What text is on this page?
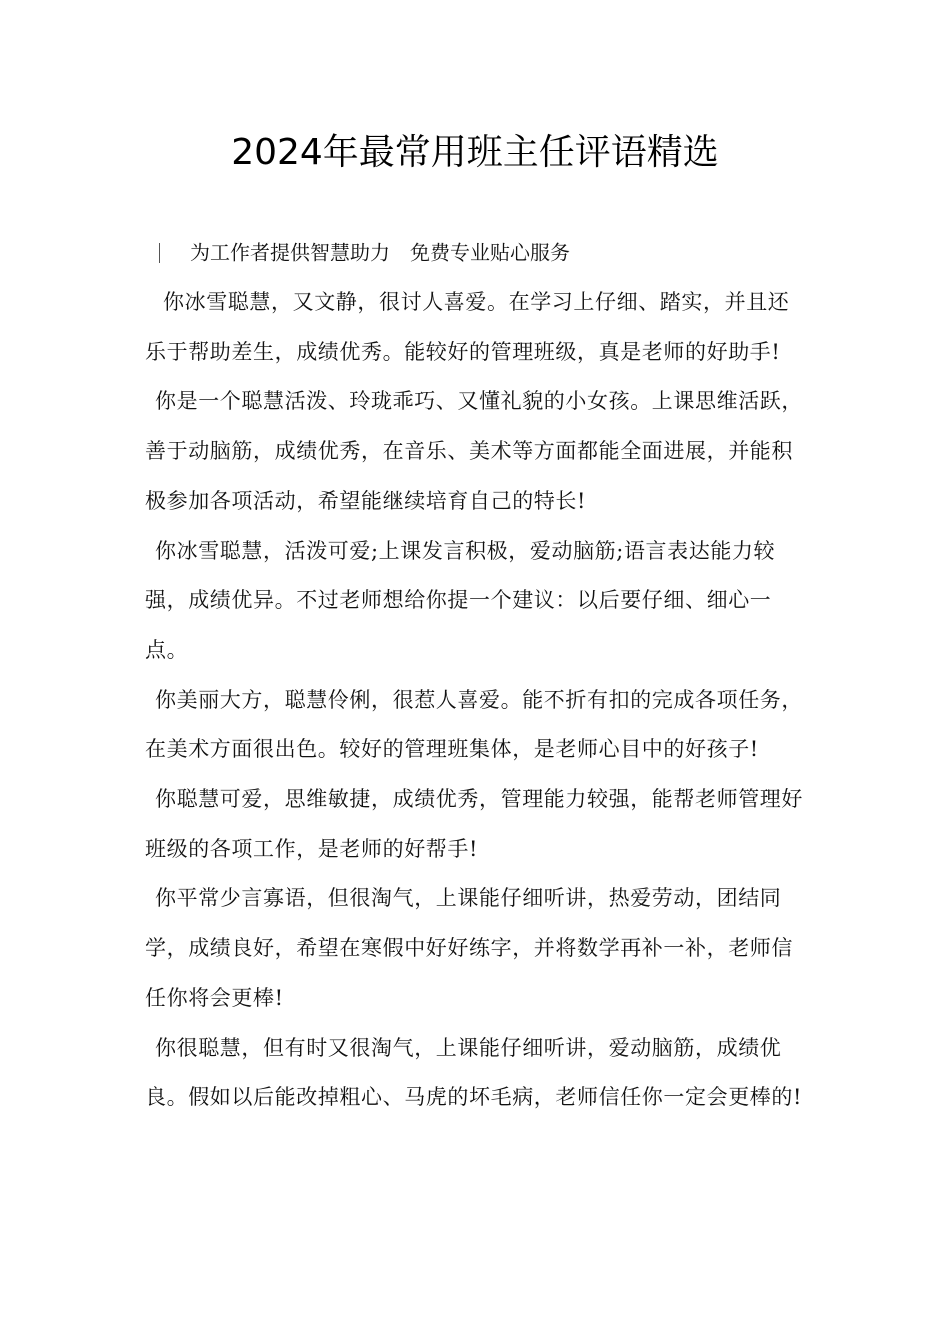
2024年最常用班主任评语精选
为工作者提供智慧助力　免费专业贴心服务

你冰雪聪慧，又文静，很讨人喜爱。在学习上仔细、踏实，并且还乐于帮助差生，成绩优秀。能较好的管理班级，真是老师的好助手!

你是一个聪慧活泼、玲珑乖巧、又懂礼貌的小女孩。上课思维活跃，善于动脑筋，成绩优秀，在音乐、美术等方面都能全面进展，并能积极参加各项活动，希望能继续培育自己的特长!

你冰雪聪慧，活泼可爱;上课发言积极，爱动脑筋;语言表达能力较强，成绩优异。不过老师想给你提一个建议：以后要仔细、细心一点。

你美丽大方，聪慧伶俐，很惹人喜爱。能不折有扣的完成各项任务，在美术方面很出色。较好的管理班集体，是老师心目中的好孩子!

你聪慧可爱，思维敏捷，成绩优秀，管理能力较强，能帮老师管理好班级的各项工作，是老师的好帮手!

你平常少言寡语，但很淘气，上课能仔细听讲，热爱劳动，团结同学，成绩良好，希望在寒假中好好练字，并将数学再补一补，老师信任你将会更棒!

你很聪慧，但有时又很淘气，上课能仔细听讲，爱动脑筋，成绩优良。假如以后能改掉粗心、马虎的坏毛病，老师信任你一定会更棒的!
